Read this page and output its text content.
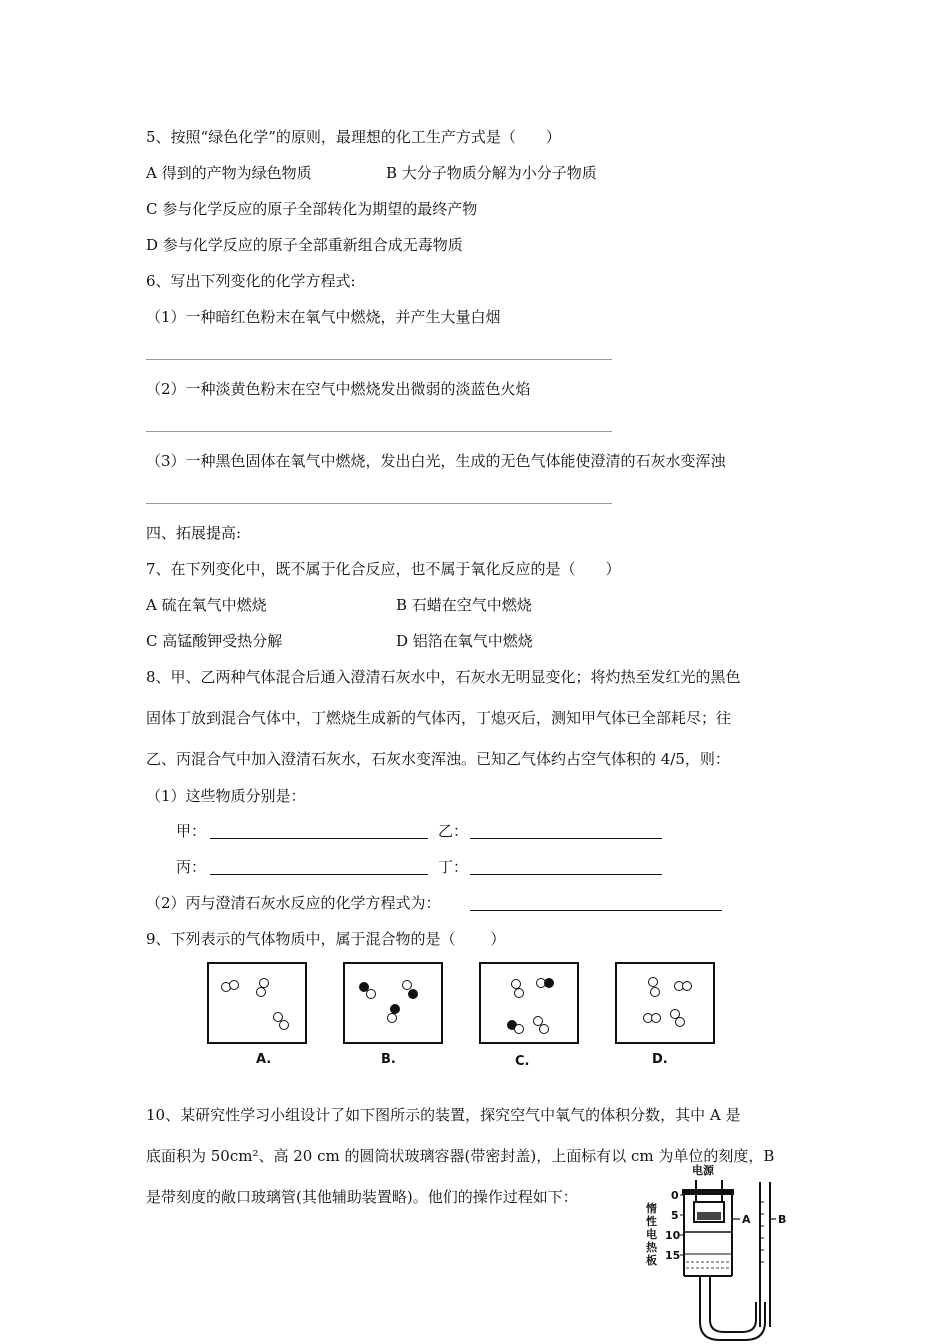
5、按照“绿色化学”的原则，最理想的化工生产方式是（　　）
A 得到的产物为绿色物质	B 大分子物质分解为小分子物质
C 参与化学反应的原子全部转化为期望的最终产物
D 参与化学反应的原子全部重新组合成无毒物质
6、写出下列变化的化学方程式:
（1）一种暗红色粉末在氧气中燃烧，并产生大量白烟
（2）一种淡黄色粉末在空气中燃烧发出微弱的淡蓝色火焰
（3）一种黑色固体在氧气中燃烧，发出白光，生成的无色气体能使澄清的石灰水变浑浊
四、拓展提高:
7、在下列变化中，既不属于化合反应，也不属于氧化反应的是（　　）
A 硫在氧气中燃烧	B 石蜡在空气中燃烧
C 高锰酸钾受热分解	D 铝箔在氧气中燃烧
8、甲、乙两种气体混合后通入澄清石灰水中，石灰水无明显变化；将灼热至发红光的黑色
固体丁放到混合气体中，丁燃烧生成新的气体丙，丁熄灭后，测知甲气体已全部耗尽；往
乙、丙混合气中加入澄清石灰水，石灰水变浑浊。已知乙气体约占空气体积的 4/5，则：
（1）这些物质分别是：
甲：	乙：
丙：	丁：
（2）丙与澄清石灰水反应的化学方程式为：
9、下列表示的气体物质中，属于混合物的是（　　 ）
A.	B.	C.	D.
10、某研究性学习小组设计了如下图所示的装置，探究空气中氧气的体积分数，其中 A 是
底面积为 50cm²、高 20 cm 的圆筒状玻璃容器(带密封盖)，上面标有以 cm 为单位的刻度，B
是带刻度的敞口玻璃管(其他辅助装置略)。他们的操作过程如下：
电源
惰
性
电
热
板
0
5
10
15
A B
